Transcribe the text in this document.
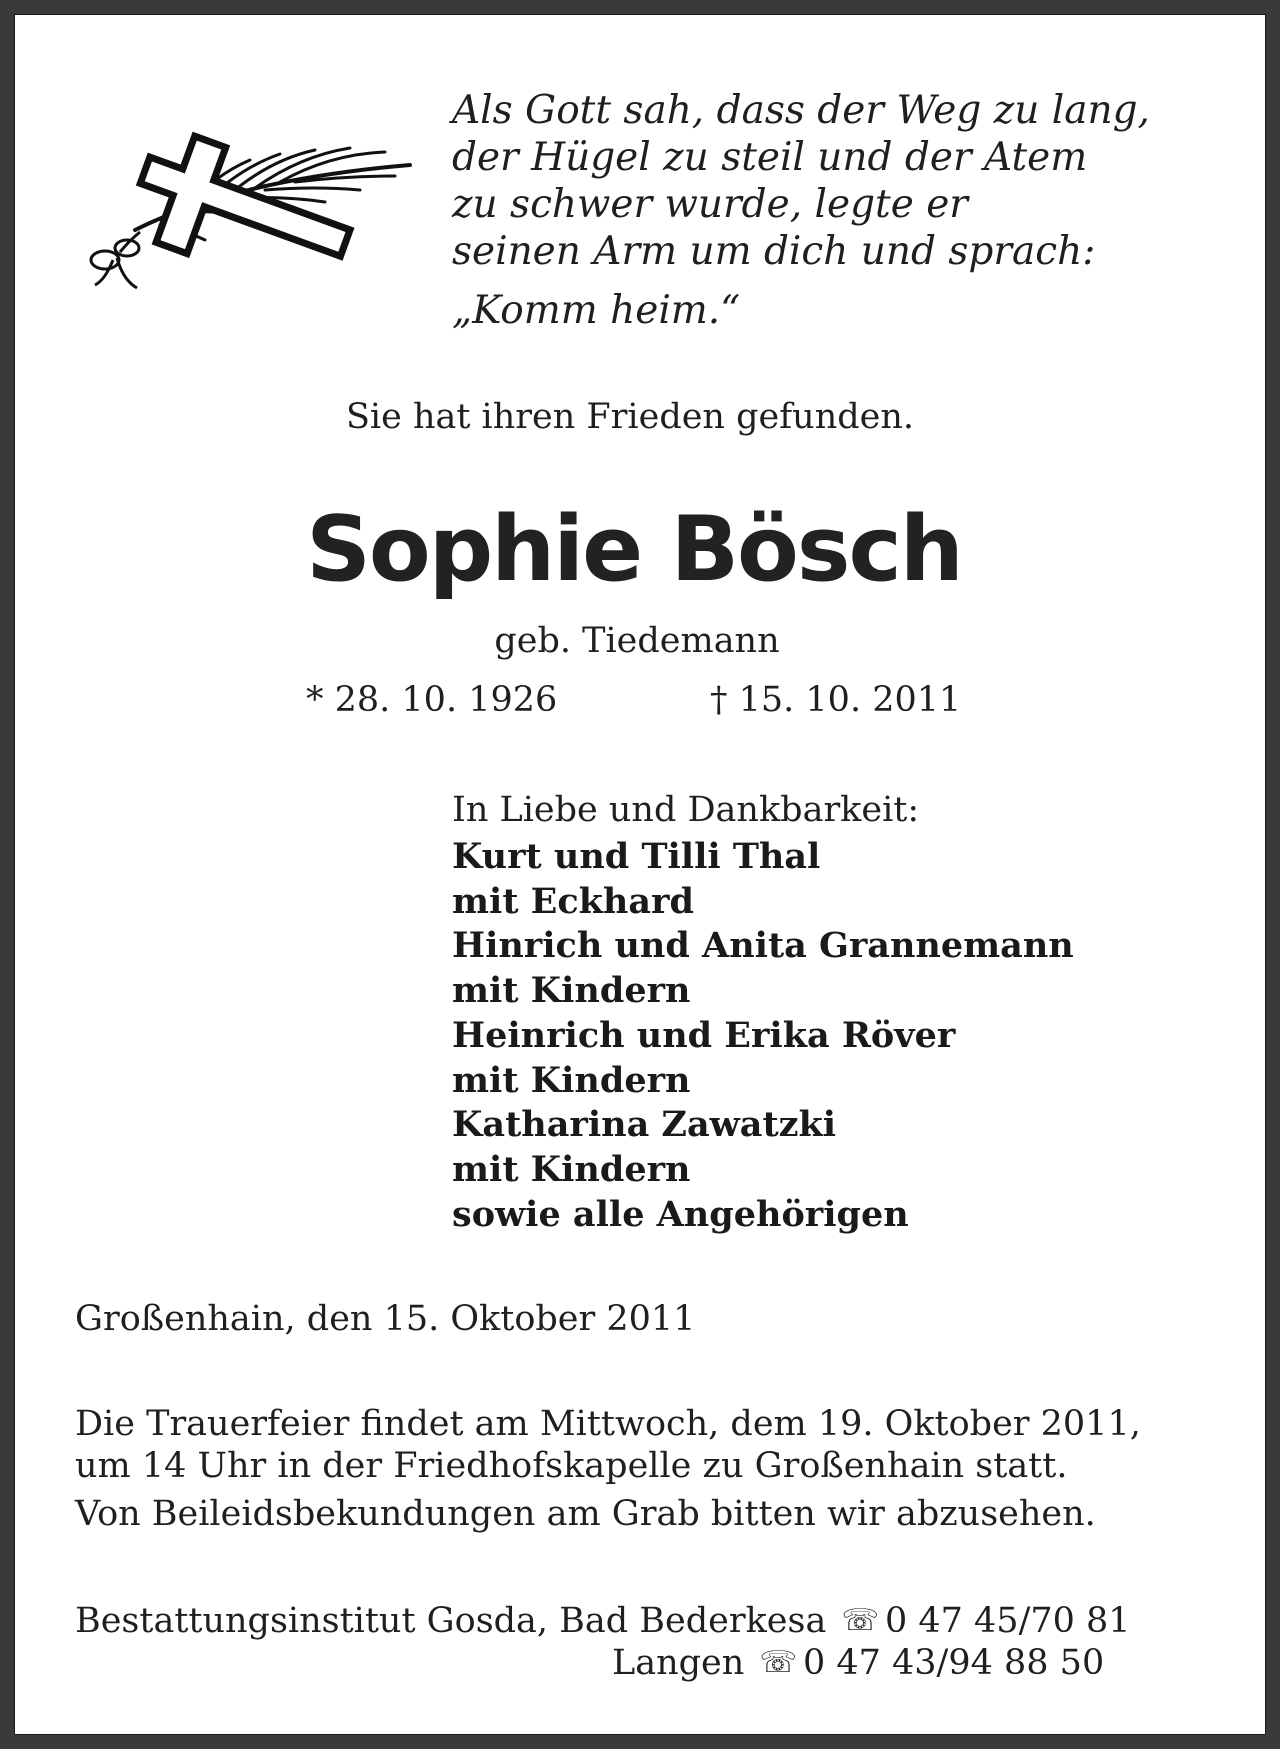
Als Gott sah, dass der Weg zu lang,
der Hügel zu steil und der Atem
zu schwer wurde, legte er
seinen Arm um dich und sprach:
„Komm heim.“
Sie hat ihren Frieden gefunden.
Sophie Bösch
geb. Tiedemann
* 28. 10. 1926	† 15. 10. 2011
In Liebe und Dankbarkeit:
Kurt und Tilli Thal
mit Eckhard
Hinrich und Anita Grannemann
mit Kindern
Heinrich und Erika Röver
mit Kindern
Katharina Zawatzki
mit Kindern
sowie alle Angehörigen
Großenhain, den 15. Oktober 2011
Die Trauerfeier findet am Mittwoch, dem 19. Oktober 2011,
um 14 Uhr in der Friedhofskapelle zu Großenhain statt.
Von Beileidsbekundungen am Grab bitten wir abzusehen.
Bestattungsinstitut Gosda, Bad Bederkesa ☏ 0 47 45/70 81
Langen ☏ 0 47 43/94 88 50
